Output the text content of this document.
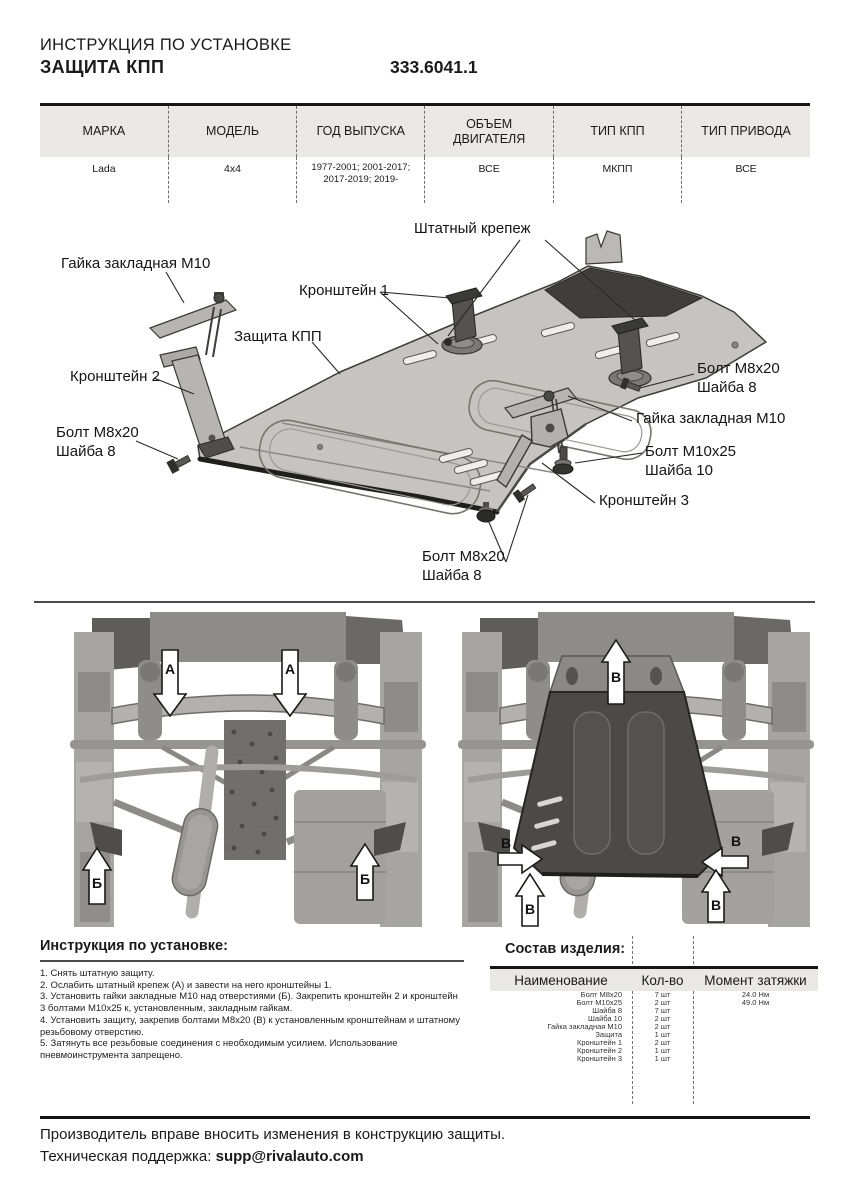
ИНСТРУКЦИЯ ПО УСТАНОВКЕ
ЗАЩИТА КПП	333.6041.1
МАРКА	МОДЕЛЬ	ГОД ВЫПУСКА	ОБЪЕМ ДВИГАТЕЛЯ	ТИП КПП	ТИП ПРИВОДА
Lada	4x4	1977-2001; 2001-2017; 2017-2019; 2019-	ВСЕ	МКПП	ВСЕ
Штатный крепеж
Гайка закладная М10
Кронштейн 1
Защита КПП
Кронштейн 2
Болт М8х20
Шайба 8
Болт М8х20
Шайба 8
Гайка закладная М10
Болт М10х25
Шайба 10
Кронштейн 3
Болт М8х20
Шайба 8
А	А
Б	Б
В
В	В
В	В
Инструкция по установке:
1. Снять штатную защиту.
2. Ослабить штатный крепеж (А) и завести на него кронштейны 1.
3. Установить гайки закладные М10 над отверстиями (Б). Закрепить кронштейн 2 и кронштейн 3 болтами М10х25 к, установленным, закладным гайкам.
4. Установить защиту, закрепив болтами М8х20 (В) к установленным кронштейнам и штатному резьбовому отверстию.
5. Затянуть все резьбовые соединения с необходимым усилием. Использование пневмоинструмента запрещено.
Состав изделия:
Наименование	Кол-во	Момент затяжки
Болт М8х20	7 шт	24.0 Нм
Болт М10х25	2 шт	49.0 Нм
Шайба 8	7 шт
Шайба 10	2 шт
Гайка закладная М10	2 шт
Защита	1 шт
Кронштейн 1	2 шт
Кронштейн 2	1 шт
Кронштейн 3	1 шт
Производитель вправе вносить изменения в конструкцию защиты.
Техническая поддержка: supp@rivalauto.com
